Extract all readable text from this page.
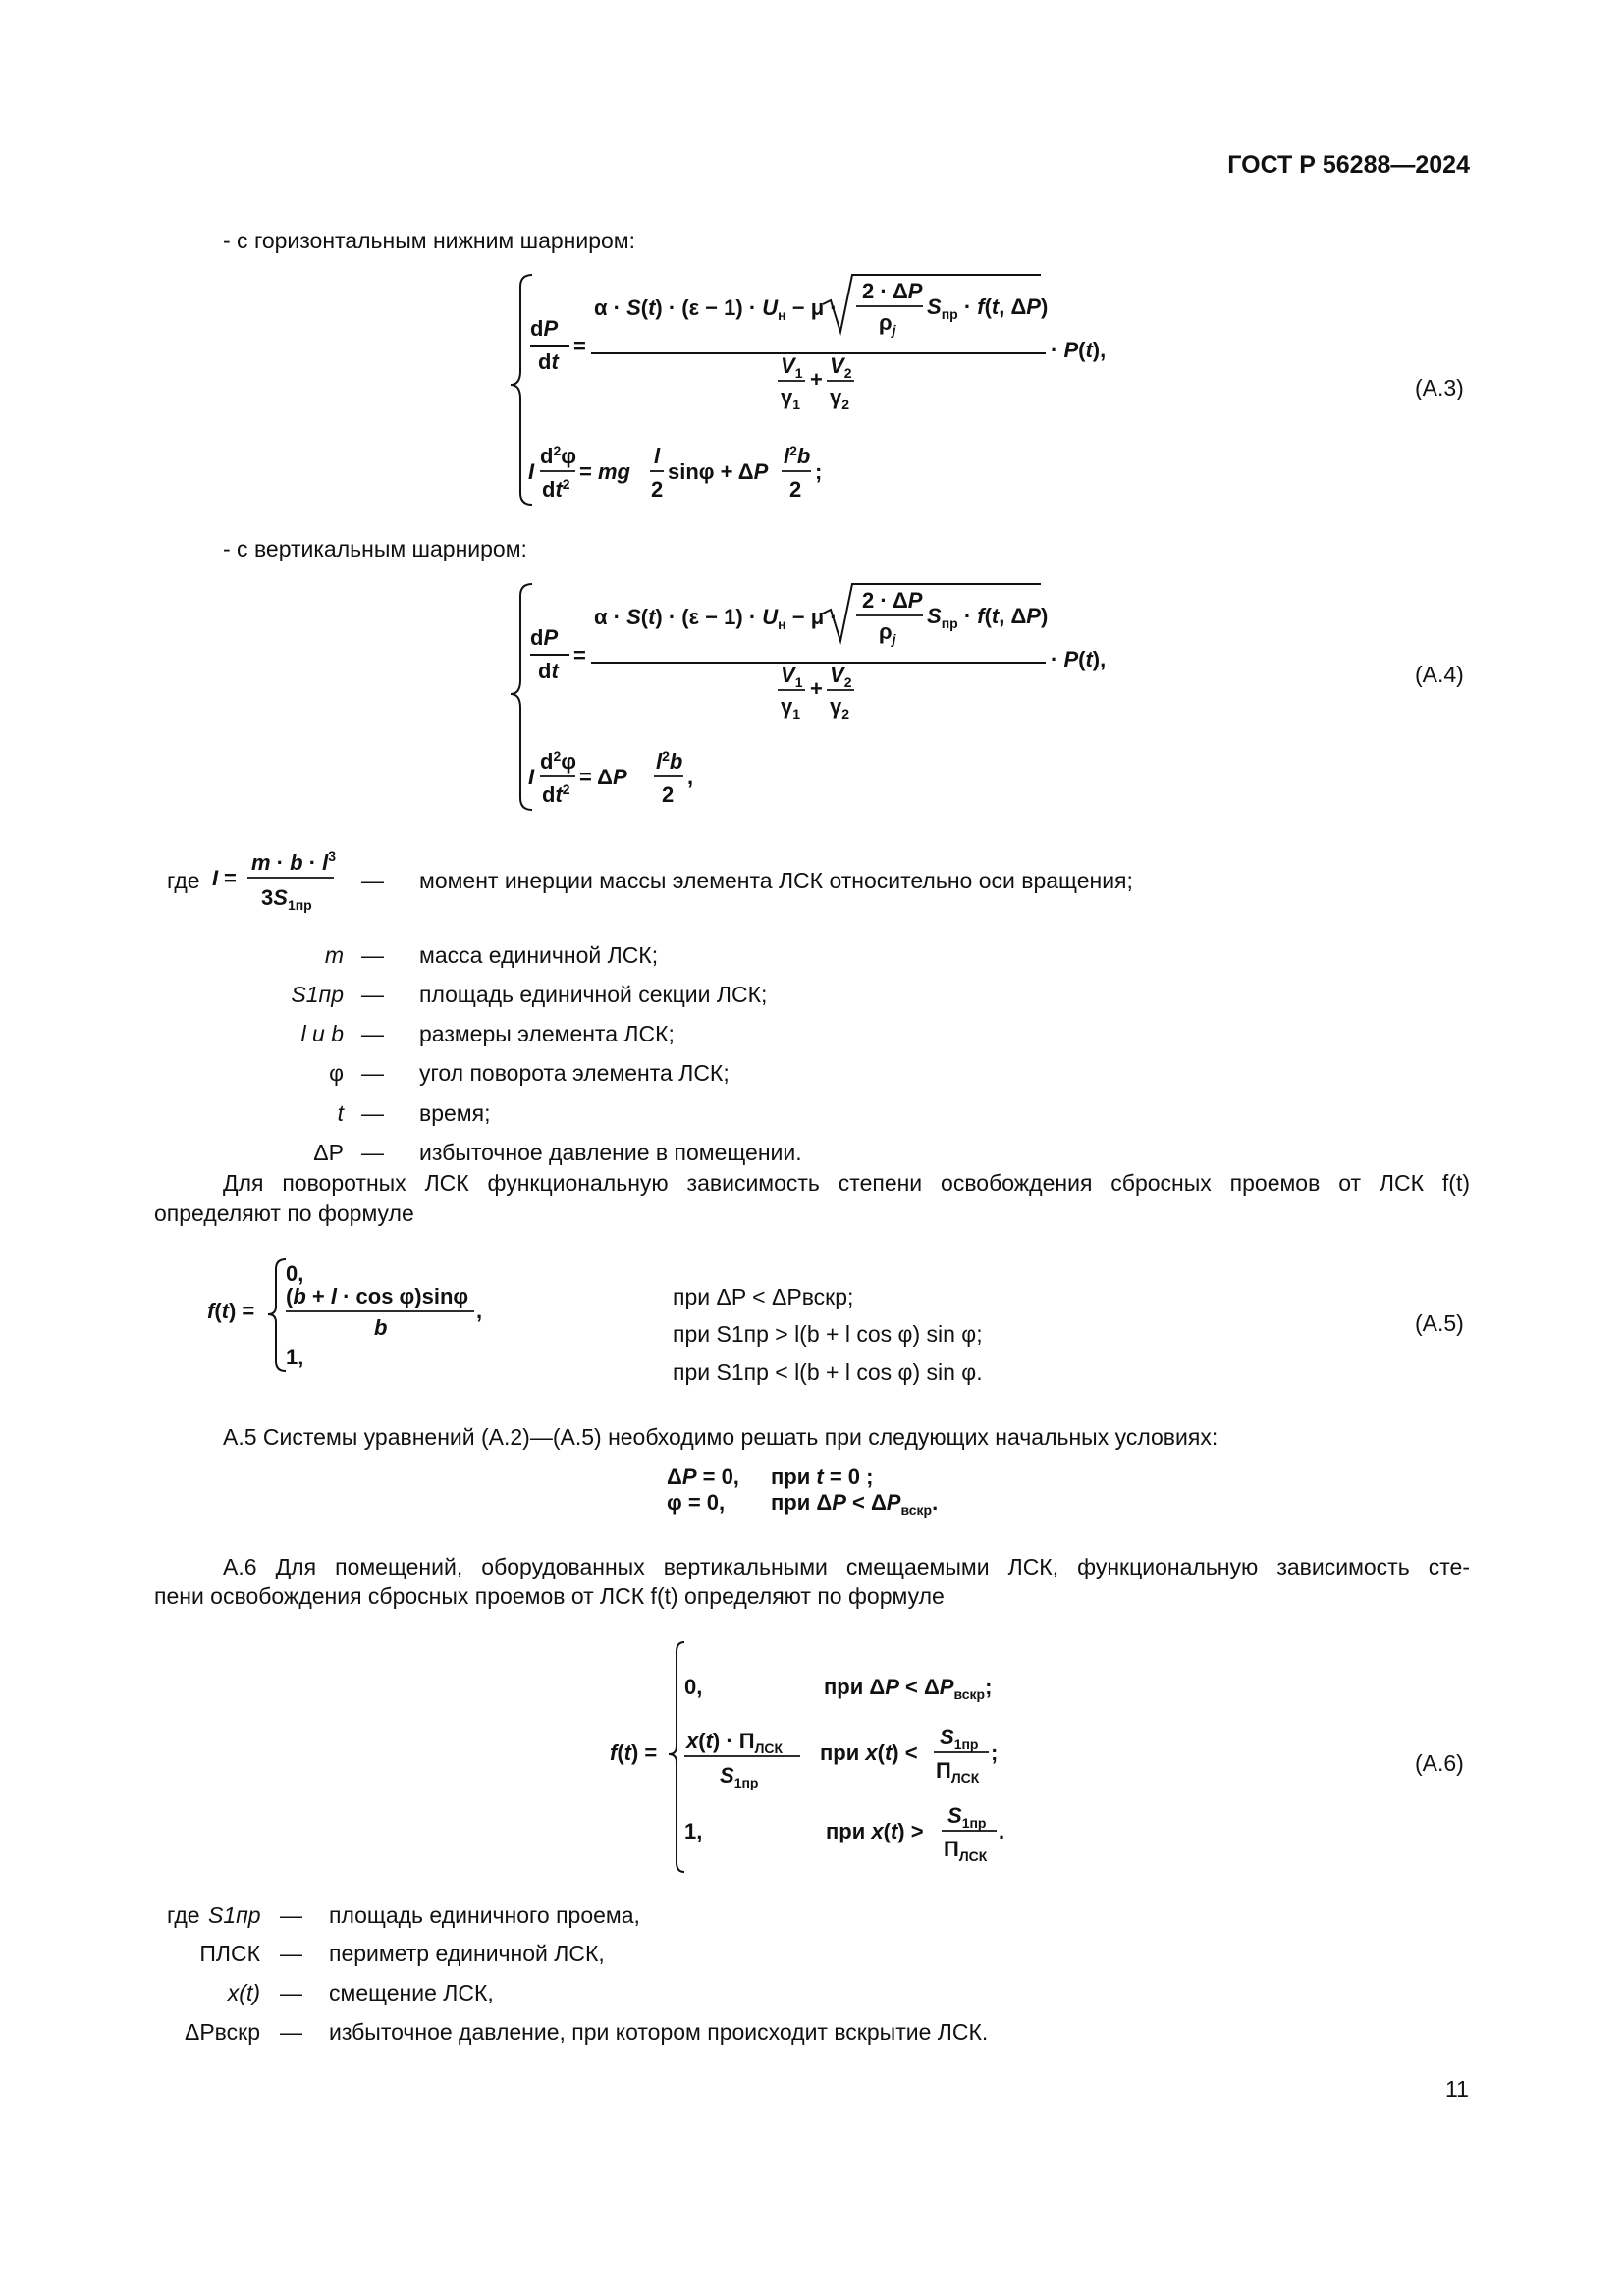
ГОСТ Р 56288—2024
- с горизонтальным нижним шарниром:
dP
dt
=
$\alpha \cdot S(t) \cdot (\varepsilon - 1) \cdot U_н - \mu$ ·
2 · ΔP
$\rho_j$
$S_{пр} \cdot f(t$, ΔP)
$V_1$
$\gamma_1$
+
$V_2$
$\gamma_2$
· P(t),
I
$d^2\varphi$
$dt^2$ = mg
l
2
sinφ + ΔP
$l^2b$
2
;
(А.3)
- с вертикальным шарниром:
dP
dt
=
$\alpha \cdot S(t) \cdot (\varepsilon - 1) \cdot U_н - \mu$ ·
2 · ΔP
$\rho_j$
$S_{пр} \cdot f(t$, ΔP)
$V_1$
$\gamma_1$
+
$V_2$
$\gamma_2$
· P(t),
I
$d^2\varphi$
$dt^2 = \Delta P$
$l^2b$
2
,
(А.4)
где I =
$m \cdot b \cdot l^3$
$3S_{1пр}$
— момент инерции массы элемента ЛСК относительно оси вращения;
m — масса единичной ЛСК;
S1пр — площадь единичной секции ЛСК;
l и b — размеры элемента ЛСК;
φ — угол поворота элемента ЛСК;
t — время;
ΔP — избыточное давление в помещении.
Для поворотных ЛСК функциональную зависимость степени освобождения сбросных проемов от ЛСК f(t)
определяют по формуле
f(t) =
0,
(b + l · cos φ)sinφ
b
,
1,
при ΔP < ΔPвскр;
при S1пр > l(b + l cos φ) sin φ;
при S1пр < l(b + l cos φ) sin φ.
(А.5)
А.5 Системы уравнений (А.2)—(А.5) необходимо решать при следующих начальных условиях:
ΔP = 0, при t = 0 ;
φ = 0, при $\Delta P < \Delta P_{вскр}$.
А.6 Для помещений, оборудованных вертикальными смещаемыми ЛСК, функциональную зависимость сте-
пени освобождения сбросных проемов от ЛСК f(t) определяют по формуле
f(t) =
0,	при $\Delta P < \Delta P_{вскр}$;
$x(t) \cdot П_{ЛСК}$
$S_{1пр}$
при x(t) <
$S_{1пр}$
$П_{ЛСК}$
;
1,	при x(t) >
$S_{1пр}$
$П_{ЛСК}$
.
(А.6)
где S1пр — площадь единичного проема,
ПЛСК — периметр единичной ЛСК,
x(t) — смещение ЛСК,
ΔPвскр — избыточное давление, при котором происходит вскрытие ЛСК.
11
